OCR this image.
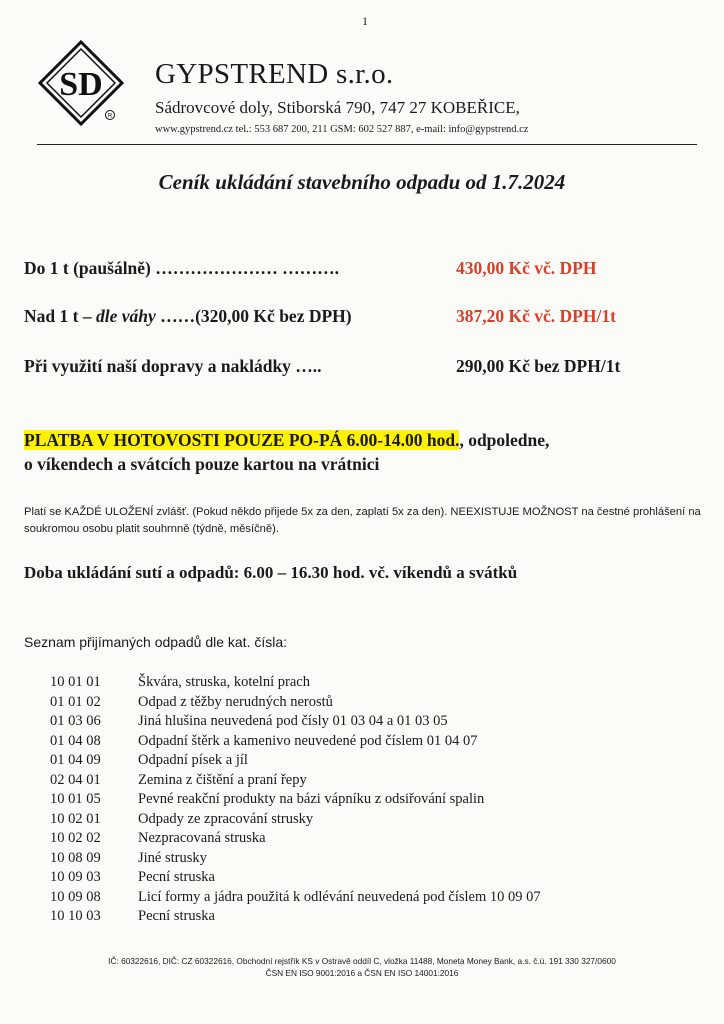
1
SD
R
GYPSTREND s.r.o.
Sádrovcové doly, Stiborská 790, 747 27 KOBEŘICE,
www.gypstrend.cz tel.: 553 687 200, 211 GSM: 602 527 887, e-mail: info@gypstrend.cz
Ceník ukládání stavebního odpadu od 1.7.2024
Do 1 t (paušálně) ………………… ……….	430,00 Kč vč. DPH
Nad 1 t – dle váhy ……(320,00 Kč bez DPH)	387,20 Kč vč. DPH/1t
Při využití naší dopravy a nakládky …..	290,00 Kč bez DPH/1t
PLATBA V HOTOVOSTI POUZE PO-PÁ 6.00-14.00 hod., odpoledne,
o víkendech a svátcích pouze kartou na vrátnici
Platí se KAŽDÉ ULOŽENÍ zvlášť. (Pokud někdo přijede 5x za den, zaplatí 5x za den). NEEXISTUJE MOŽNOST na čestné prohlášení na soukromou osobu platit souhrnně (týdně, měsíčně).
Doba ukládání sutí a odpadů: 6.00 – 16.30 hod. vč. víkendů a svátků
Seznam přijímaných odpadů dle kat. čísla:
10 01 01	Škvára, struska, kotelní prach
01 01 02	Odpad z těžby nerudných nerostů
01 03 06	Jiná hlušina neuvedená pod čísly 01 03 04 a 01 03 05
01 04 08	Odpadní štěrk a kamenivo neuvedené pod číslem 01 04 07
01 04 09	Odpadní písek a jíl
02 04 01	Zemina z čištění a praní řepy
10 01 05	Pevné reakční produkty na bázi vápníku z odsiřování spalin
10 02 01	Odpady ze zpracování strusky
10 02 02	Nezpracovaná struska
10 08 09	Jiné strusky
10 09 03	Pecní struska
10 09 08	Licí formy a jádra použitá k odlévání neuvedená pod číslem 10 09 07
10 10 03	Pecní struska
IČ: 60322616, DIČ: CZ 60322616, Obchodní rejstřík KS v Ostravě oddíl C, vložka 11488, Moneta Money Bank, a.s. č.ú. 191 330 327/0600
ČSN EN ISO 9001:2016 a ČSN EN ISO 14001:2016
